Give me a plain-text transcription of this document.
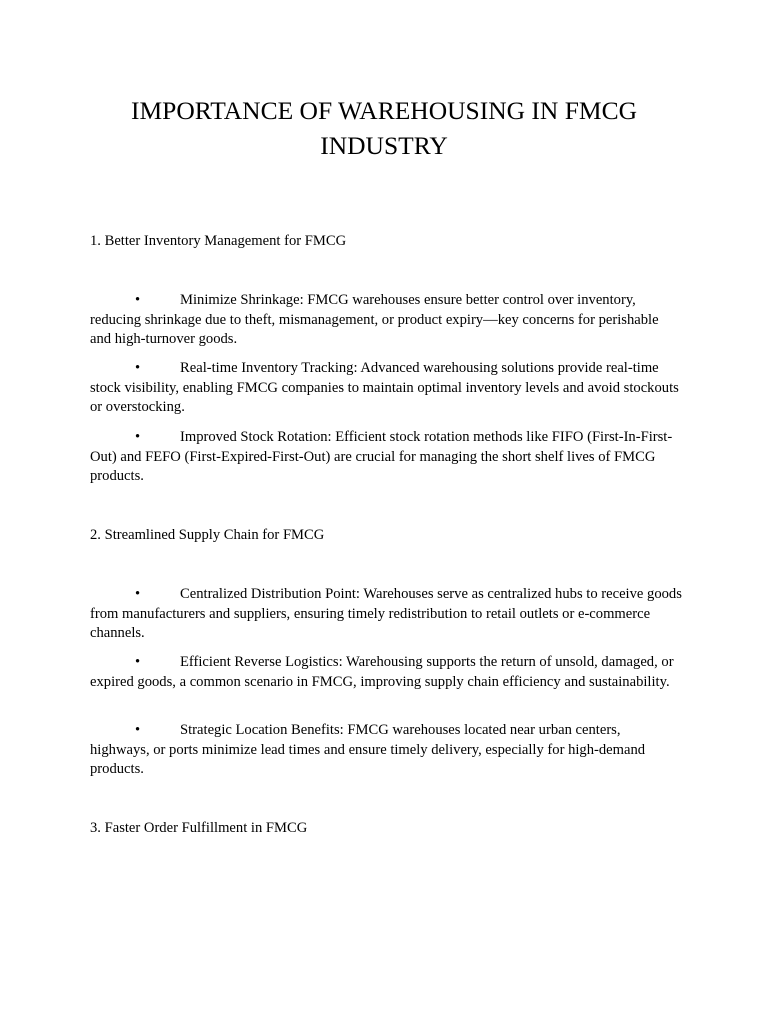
IMPORTANCE OF WAREHOUSING IN FMCG INDUSTRY

1. Better Inventory Management for FMCG

•	Minimize Shrinkage: FMCG warehouses ensure better control over inventory, reducing shrinkage due to theft, mismanagement, or product expiry—key concerns for perishable and high-turnover goods.

•	Real-time Inventory Tracking: Advanced warehousing solutions provide real-time stock visibility, enabling FMCG companies to maintain optimal inventory levels and avoid stockouts or overstocking.

•	Improved Stock Rotation: Efficient stock rotation methods like FIFO (First-In-First-Out) and FEFO (First-Expired-First-Out) are crucial for managing the short shelf lives of FMCG products.

2. Streamlined Supply Chain for FMCG

•	Centralized Distribution Point: Warehouses serve as centralized hubs to receive goods from manufacturers and suppliers, ensuring timely redistribution to retail outlets or e-commerce channels.

•	Efficient Reverse Logistics: Warehousing supports the return of unsold, damaged, or expired goods, a common scenario in FMCG, improving supply chain efficiency and sustainability.

•	Strategic Location Benefits: FMCG warehouses located near urban centers, highways, or ports minimize lead times and ensure timely delivery, especially for high-demand products.

3. Faster Order Fulfillment in FMCG
